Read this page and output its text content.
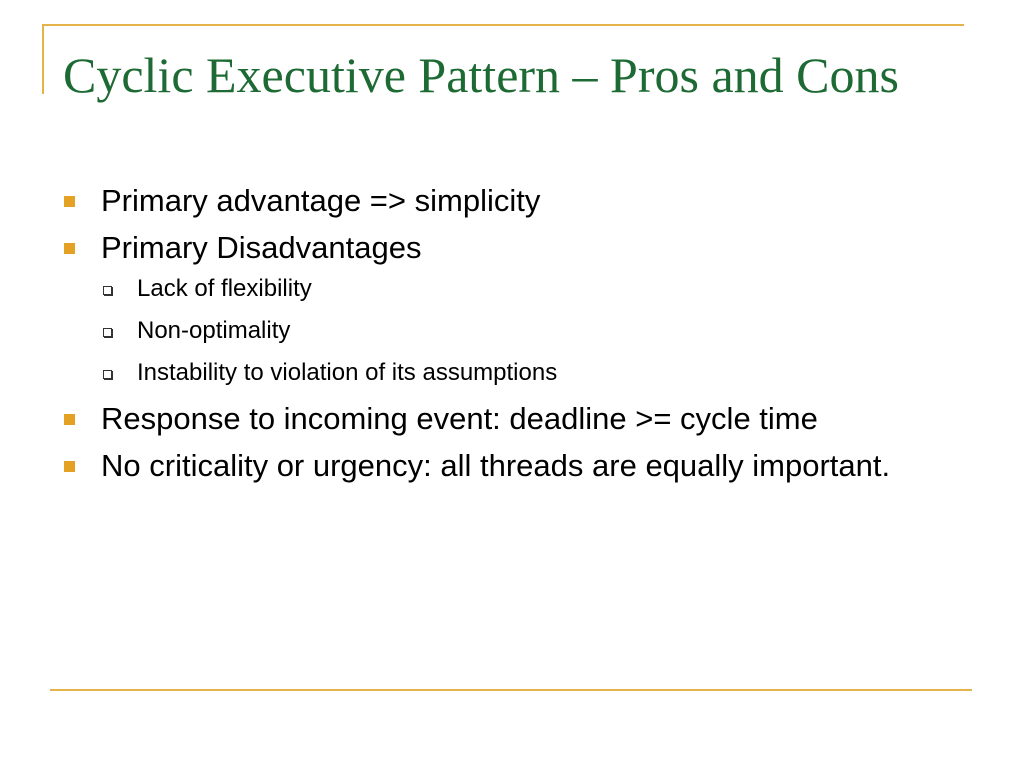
Cyclic Executive Pattern – Pros and Cons
Primary advantage => simplicity
Primary Disadvantages
Lack of flexibility
Non-optimality
Instability to violation of its assumptions
Response to incoming event: deadline >= cycle time
No criticality or urgency: all threads are equally important.
